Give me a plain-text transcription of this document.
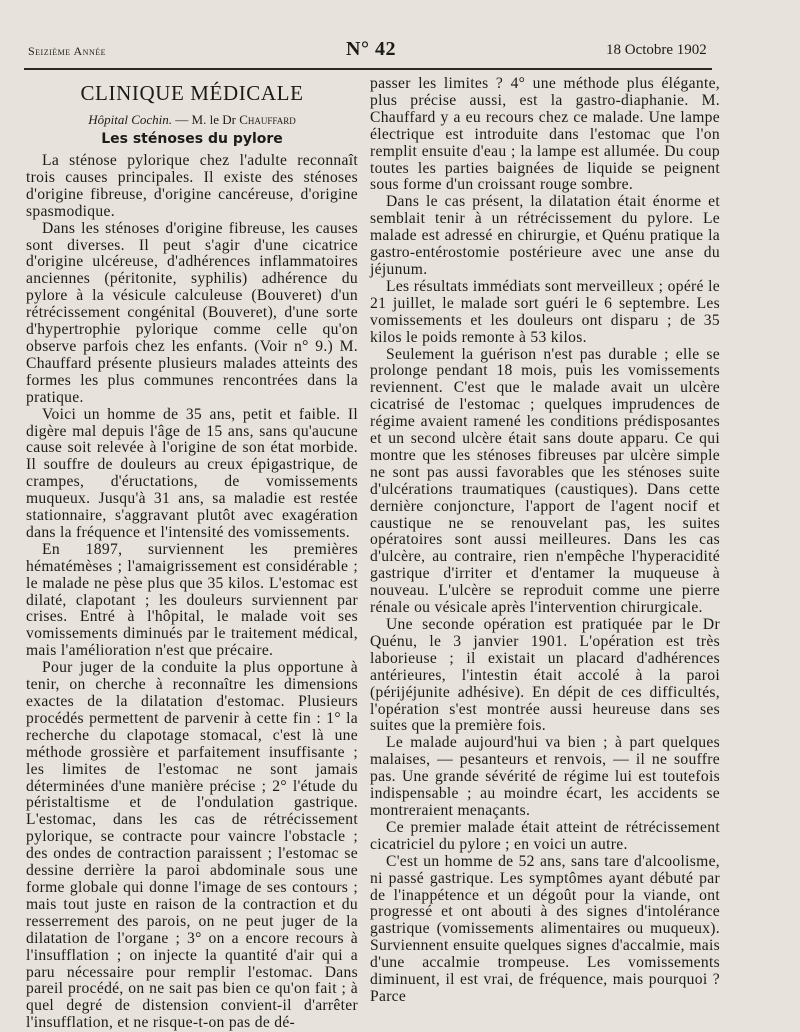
Seizième Année	N° 42	18 Octobre 1902
CLINIQUE MÉDICALE
Hôpital Cochin. — M. le Dr Chauffard
Les sténoses du pylore

La sténose pylorique chez l'adulte reconnaît trois causes principales. Il existe des sténoses d'origine fibreuse, d'origine cancéreuse, d'origine spasmodique.

Dans les sténoses d'origine fibreuse, les causes sont diverses. Il peut s'agir d'une cicatrice d'origine ulcéreuse, d'adhérences inflammatoires anciennes (péritonite, syphilis) adhérence du pylore à la vésicule calculeuse (Bouveret) d'un rétrécissement congénital (Bouveret), d'une sorte d'hypertrophie pylorique comme celle qu'on observe parfois chez les enfants. (Voir n° 9.) M. Chauffard présente plusieurs malades atteints des formes les plus communes rencontrées dans la pratique.

Voici un homme de 35 ans, petit et faible. Il digère mal depuis l'âge de 15 ans, sans qu'aucune cause soit relevée à l'origine de son état morbide. Il souffre de douleurs au creux épigastrique, de crampes, d'éructations, de vomissements muqueux. Jusqu'à 31 ans, sa maladie est restée stationnaire, s'aggravant plutôt avec exagération dans la fréquence et l'intensité des vomissements.

En 1897, surviennent les premières hématémèses ; l'amaigrissement est considérable ; le malade ne pèse plus que 35 kilos. L'estomac est dilaté, clapotant ; les douleurs surviennent par crises. Entré à l'hôpital, le malade voit ses vomissements diminués par le traitement médical, mais l'amélioration n'est que précaire.

Pour juger de la conduite la plus opportune à tenir, on cherche à reconnaître les dimensions exactes de la dilatation d'estomac. Plusieurs procédés permettent de parvenir à cette fin : 1° la recherche du clapotage stomacal, c'est là une méthode grossière et parfaitement insuffisante ; les limites de l'estomac ne sont jamais déterminées d'une manière précise ; 2° l'étude du péristaltisme et de l'ondulation gastrique. L'estomac, dans les cas de rétrécissement pylorique, se contracte pour vaincre l'obstacle ; des ondes de contraction paraissent ; l'estomac se dessine derrière la paroi abdominale sous une forme globale qui donne l'image de ses contours ; mais tout juste en raison de la contraction et du resserrement des parois, on ne peut juger de la dilatation de l'organe ; 3° on a encore recours à l'insufflation ; on injecte la quantité d'air qui a paru nécessaire pour remplir l'estomac. Dans pareil procédé, on ne sait pas bien ce qu'on fait ; à quel degré de distension convient-il d'arrêter l'insufflation, et ne risque-t-on pas de dé-

passer les limites ? 4° une méthode plus élégante, plus précise aussi, est la gastro-diaphanie. M. Chauffard y a eu recours chez ce malade. Une lampe électrique est introduite dans l'estomac que l'on remplit ensuite d'eau ; la lampe est allumée. Du coup toutes les parties baignées de liquide se peignent sous forme d'un croissant rouge sombre.

Dans le cas présent, la dilatation était énorme et semblait tenir à un rétrécissement du pylore. Le malade est adressé en chirurgie, et Quénu pratique la gastro-entérostomie postérieure avec une anse du jéjunum.

Les résultats immédiats sont merveilleux ; opéré le 21 juillet, le malade sort guéri le 6 septembre. Les vomissements et les douleurs ont disparu ; de 35 kilos le poids remonte à 53 kilos.

Seulement la guérison n'est pas durable ; elle se prolonge pendant 18 mois, puis les vomissements reviennent. C'est que le malade avait un ulcère cicatrisé de l'estomac ; quelques imprudences de régime avaient ramené les conditions prédisposantes et un second ulcère était sans doute apparu. Ce qui montre que les sténoses fibreuses par ulcère simple ne sont pas aussi favorables que les sténoses suite d'ulcérations traumatiques (caustiques). Dans cette dernière conjoncture, l'apport de l'agent nocif et caustique ne se renouvelant pas, les suites opératoires sont aussi meilleures. Dans les cas d'ulcère, au contraire, rien n'empêche l'hyperacidité gastrique d'irriter et d'entamer la muqueuse à nouveau. L'ulcère se reproduit comme une pierre rénale ou vésicale après l'intervention chirurgicale.

Une seconde opération est pratiquée par le Dr Quénu, le 3 janvier 1901. L'opération est très laborieuse ; il existait un placard d'adhérences antérieures, l'intestin était accolé à la paroi (périjéjunite adhésive). En dépit de ces difficultés, l'opération s'est montrée aussi heureuse dans ses suites que la première fois.

Le malade aujourd'hui va bien ; à part quelques malaises, — pesanteurs et renvois, — il ne souffre pas. Une grande sévérité de régime lui est toutefois indispensable ; au moindre écart, les accidents se montreraient menaçants.

Ce premier malade était atteint de rétrécissement cicatriciel du pylore ; en voici un autre.

C'est un homme de 52 ans, sans tare d'alcoolisme, ni passé gastrique. Les symptômes ayant débuté par de l'inappétence et un dégoût pour la viande, ont progressé et ont abouti à des signes d'intolérance gastrique (vomissements alimentaires ou muqueux). Surviennent ensuite quelques signes d'accalmie, mais d'une accalmie trompeuse. Les vomissements diminuent, il est vrai, de fréquence, mais pourquoi ? Parce
